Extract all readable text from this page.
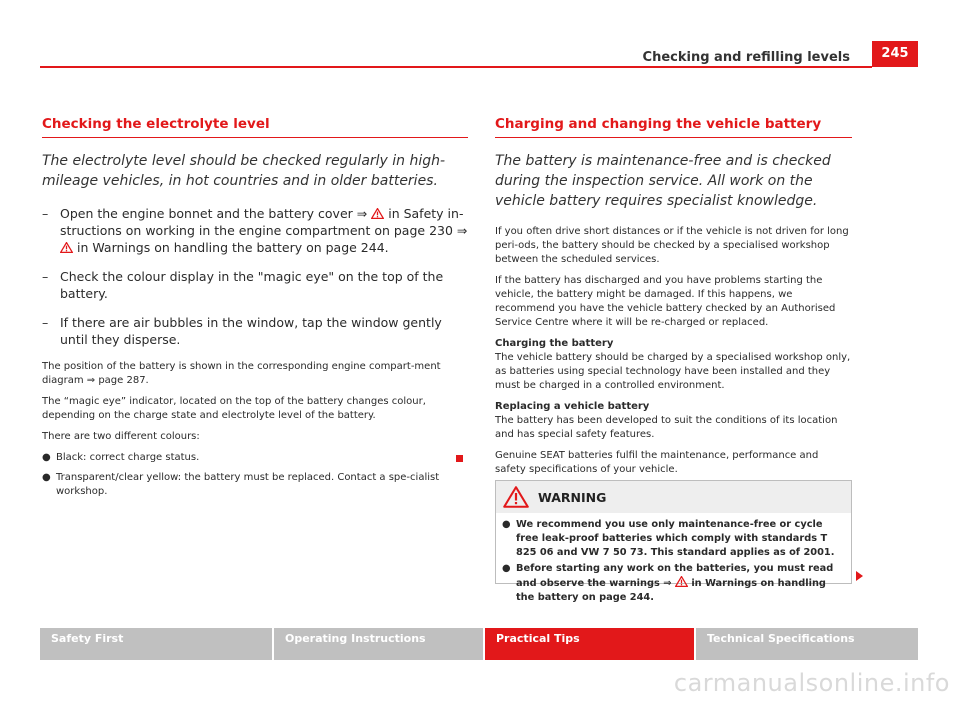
Checking and refilling levels	245
Checking the electrolyte level
The electrolyte level should be checked regularly in high-mileage vehicles, in hot countries and in older batteries.
– Open the engine bonnet and the battery cover ⇒ in Safety in-structions on working in the engine compartment on page 230 ⇒  in Warnings on handling the battery on page 244.
– Check the colour display in the "magic eye" on the top of the battery.
– If there are air bubbles in the window, tap the window gently until they disperse.
The position of the battery is shown in the corresponding engine compart-ment diagram ⇒ page 287.
The “magic eye” indicator, located on the top of the battery changes colour, depending on the charge state and electrolyte level of the battery.
There are two different colours:
● Black: correct charge status.
● Transparent/clear yellow: the battery must be replaced. Contact a spe-cialist workshop.
Charging and changing the vehicle battery
The battery is maintenance-free and is checked during the inspection service. All work on the vehicle battery requires specialist knowledge.
If you often drive short distances or if the vehicle is not driven for long peri-ods, the battery should be checked by a specialised workshop between the scheduled services.
If the battery has discharged and you have problems starting the vehicle, the battery might be damaged. If this happens, we recommend you have the vehicle battery checked by an Authorised Service Centre where it will be re-charged or replaced.
Charging the battery
The vehicle battery should be charged by a specialised workshop only, as batteries using special technology have been installed and they must be charged in a controlled environment.
Replacing a vehicle battery
The battery has been developed to suit the conditions of its location and has special safety features.
Genuine SEAT batteries fulfil the maintenance, performance and safety specifications of your vehicle.
WARNING
● We recommend you use only maintenance-free or cycle free leak-proof batteries which comply with standards T 825 06 and VW 7 50 73. This standard applies as of 2001.
● Before starting any work on the batteries, you must read and observe the warnings ⇒ in Warnings on handling the battery on page 244.
Safety First	Operating Instructions	Practical Tips	Technical Specifications
carmanualsonline.info
